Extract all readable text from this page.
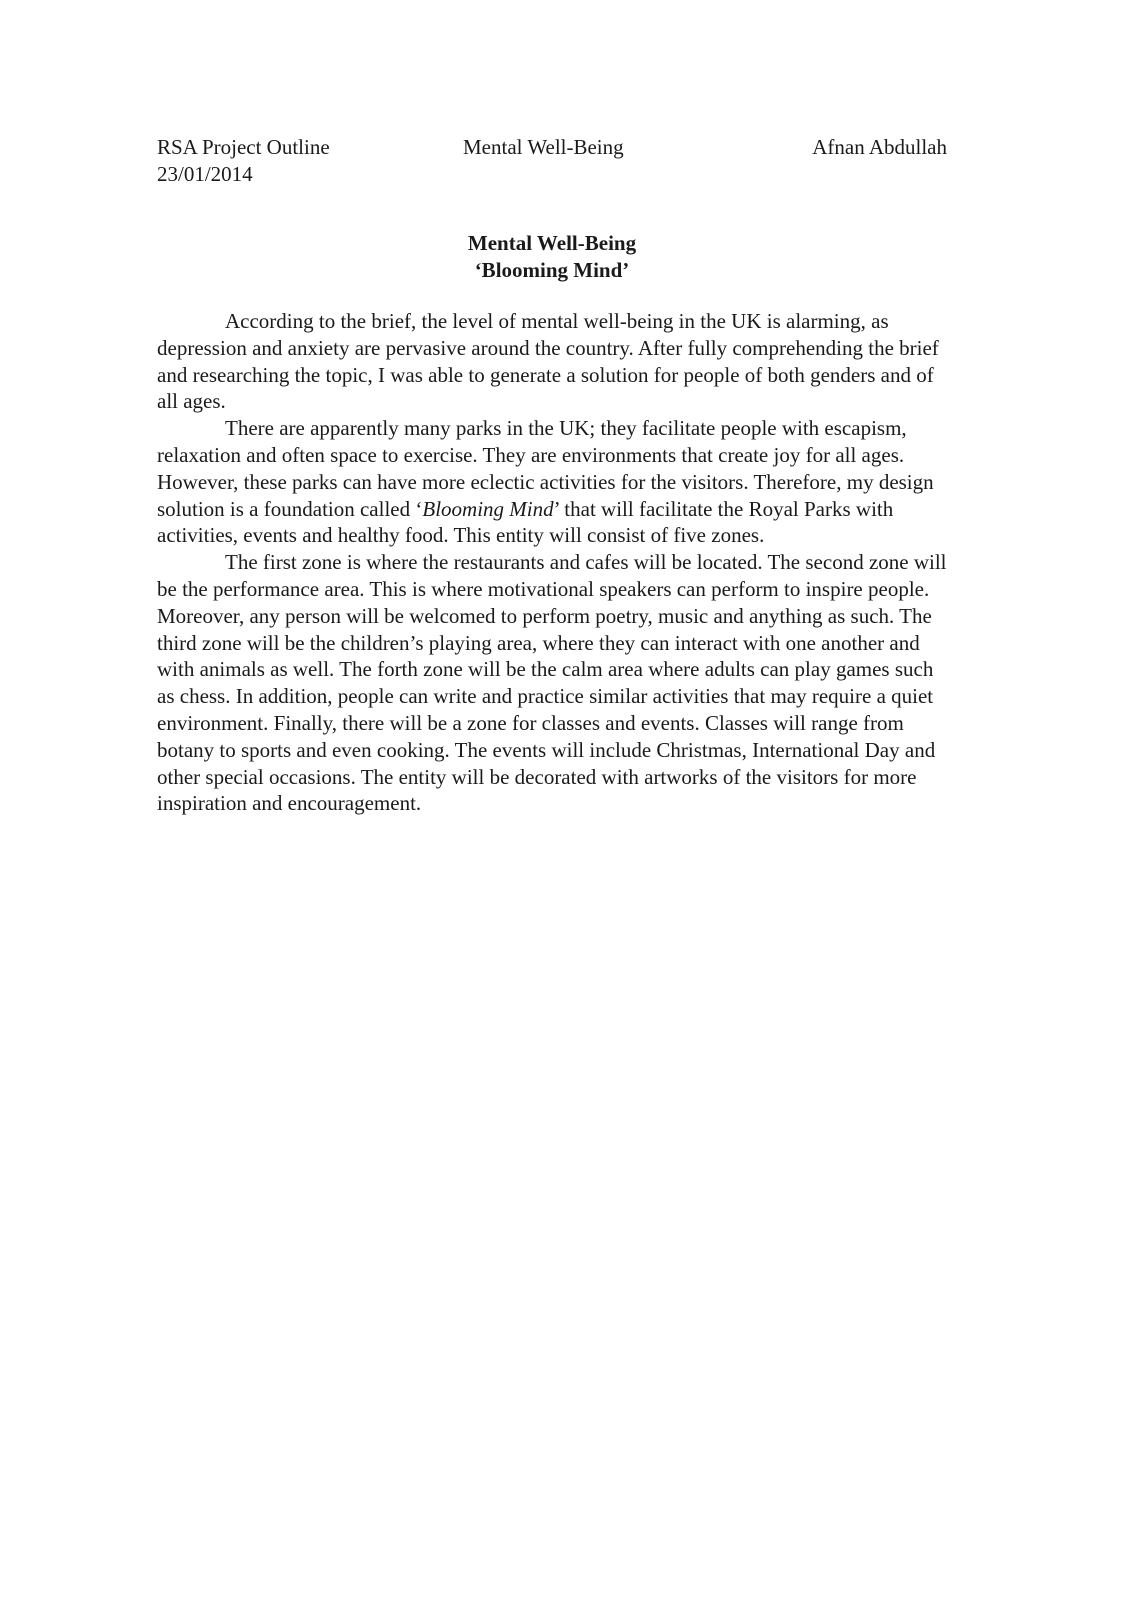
RSA Project Outline	Mental Well-Being	Afnan Abdullah
23/01/2014
Mental Well-Being
‘Blooming Mind’

According to the brief, the level of mental well-being in the UK is alarming, as depression and anxiety are pervasive around the country. After fully comprehending the brief and researching the topic, I was able to generate a solution for people of both genders and of all ages.

There are apparently many parks in the UK; they facilitate people with escapism, relaxation and often space to exercise. They are environments that create joy for all ages. However, these parks can have more eclectic activities for the visitors. Therefore, my design solution is a foundation called ‘Blooming Mind’ that will facilitate the Royal Parks with activities, events and healthy food. This entity will consist of five zones.

The first zone is where the restaurants and cafes will be located. The second zone will be the performance area. This is where motivational speakers can perform to inspire people. Moreover, any person will be welcomed to perform poetry, music and anything as such. The third zone will be the children’s playing area, where they can interact with one another and with animals as well. The forth zone will be the calm area where adults can play games such as chess. In addition, people can write and practice similar activities that may require a quiet environment. Finally, there will be a zone for classes and events. Classes will range from botany to sports and even cooking. The events will include Christmas, International Day and other special occasions. The entity will be decorated with artworks of the visitors for more inspiration and encouragement.
